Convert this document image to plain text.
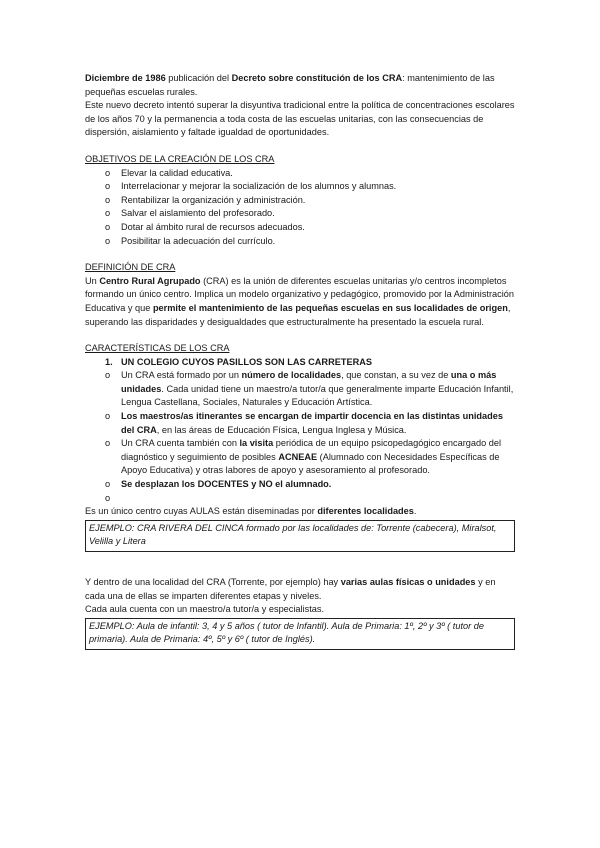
Diciembre de 1986 publicación del Decreto sobre constitución de los CRA: mantenimiento de las pequeñas escuelas rurales.

Este nuevo decreto intentó superar la disyuntiva tradicional entre la política de concentraciones escolares de los años 70 y la permanencia a toda costa de las escuelas unitarias, con las consecuencias de dispersión, aislamiento y faltade igualdad de oportunidades.

OBJETIVOS DE LA CREACIÓN DE LOS CRA

o Elevar la calidad educativa.
o Interrelacionar y mejorar la socialización de los alumnos y alumnas.
o Rentabilizar la organización y administración.
o Salvar el aislamiento del profesorado.
o Dotar al ámbito rural de recursos adecuados.
o Posibilitar la adecuación del currículo.

DEFINICIÓN DE CRA

Un Centro Rural Agrupado (CRA) es la unión de diferentes escuelas unitarias y/o centros incompletos formando un único centro. Implica un modelo organizativo y pedagógico, promovido por la Administración Educativa y que permite el mantenimiento de las pequeñas escuelas en sus localidades de origen, superando las disparidades y desigualdades que estructuralmente ha presentado la escuela rural.

CARACTERÍSTICAS DE LOS CRA

1. UN COLEGIO CUYOS PASILLOS SON LAS CARRETERAS

o Un CRA está formado por un número de localidades, que constan, a su vez de una o más unidades. Cada unidad tiene un maestro/a tutor/a que generalmente imparte Educación Infantil, Lengua Castellana, Sociales, Naturales y Educación Artística.
o Los maestros/as itinerantes se encargan de impartir docencia en las distintas unidades del CRA, en las áreas de Educación Física, Lengua Inglesa y Música.
o Un CRA cuenta también con la visita periódica de un equipo psicopedagógico encargado del diagnóstico y seguimiento de posibles ACNEAE (Alumnado con Necesidades Específicas de Apoyo Educativa) y otras labores de apoyo y asesoramiento al profesorado.
o Se desplazan los DOCENTES y NO el alumnado.
o

Es un único centro cuyas AULAS están diseminadas por diferentes localidades.

EJEMPLO: CRA RIVERA DEL CINCA formado por las localidades de: Torrente (cabecera), Miralsot, Velilla y Litera

Y dentro de una localidad del CRA (Torrente, por ejemplo) hay varias aulas físicas o unidades y en cada una de ellas se imparten diferentes etapas y niveles.

Cada aula cuenta con un maestro/a tutor/a y especialistas.

EJEMPLO: Aula de infantil: 3, 4 y 5 años ( tutor de Infantil). Aula de Primaria: 1º, 2º y 3º ( tutor de primaria). Aula de Primaria: 4º, 5º y 6º ( tutor de Inglés).
